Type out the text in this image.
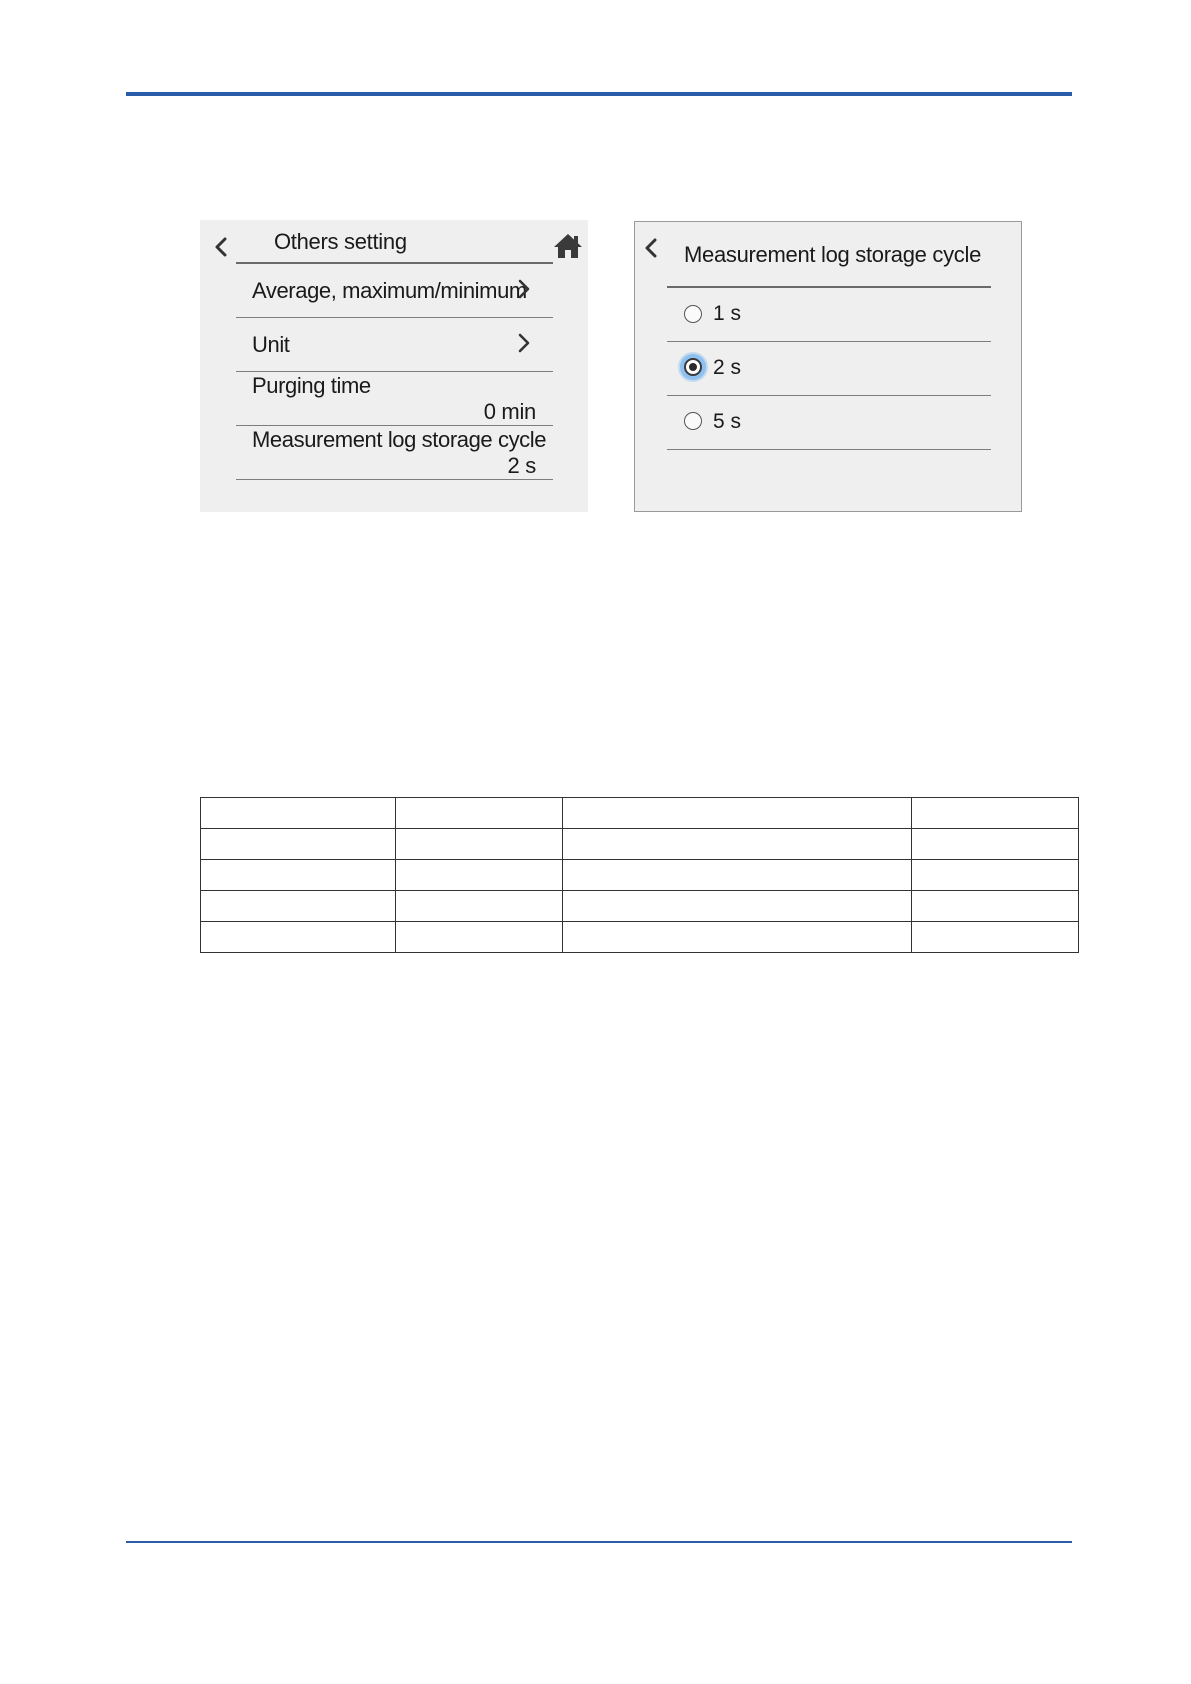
Others setting
Average, maximum/minimum
Unit
Purging time
0 min
Measurement log storage cycle
2 s
Measurement log storage cycle
1 s
2 s
5 s
